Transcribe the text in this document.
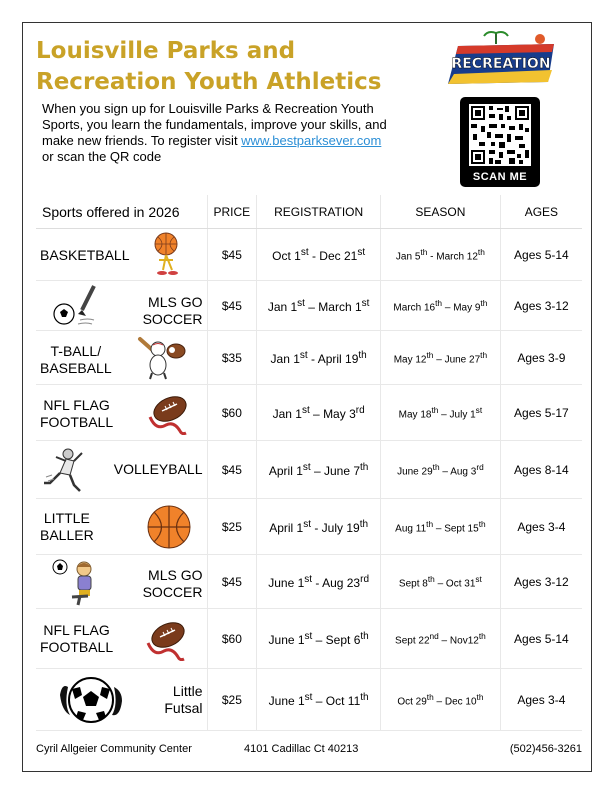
Louisville Parks and
Recreation Youth Athletics

When you sign up for Louisville Parks & Recreation Youth Sports, you learn the fundamentals, improve your skills, and make new friends. To register visit www.bestparksever.com or scan the QR code

RECREATION
SCAN ME
Sports offered in 2026	PRICE	REGISTRATION	SEASON	AGES

BASKETBALL	$45	Oct 1st - Dec 21st	Jan 5th - March 12th	Ages 5-14

MLS GO
SOCCER	$45	Jan 1st – March 1st	March 16th – May 9th	Ages 3-12

T-BALL/
BASEBALL	$35	Jan 1st - April 19th	May 12th – June 27th	Ages 3-9

NFL FLAG
FOOTBALL	$60	Jan 1st – May 3rd	May 18th – July 1st	Ages 5-17

VOLLEYBALL	$45	April 1st – June 7th	June 29th – Aug 3rd	Ages 8-14

LITTLE
BALLER	$25	April 1st - July 19th	Aug 11th – Sept 15th	Ages 3-4

MLS GO
SOCCER	$45	June 1st - Aug 23rd	Sept 8th – Oct 31st	Ages 3-12

NFL FLAG
FOOTBALL	$60	June 1st – Sept 6th	Sept 22nd – Nov12th	Ages 5-14

Little
Futsal	$25	June 1st – Oct 11th	Oct 29th – Dec 10th	Ages 3-4
Cyril Allgeier Community Center	4101 Cadillac Ct 40213	(502)456-3261
